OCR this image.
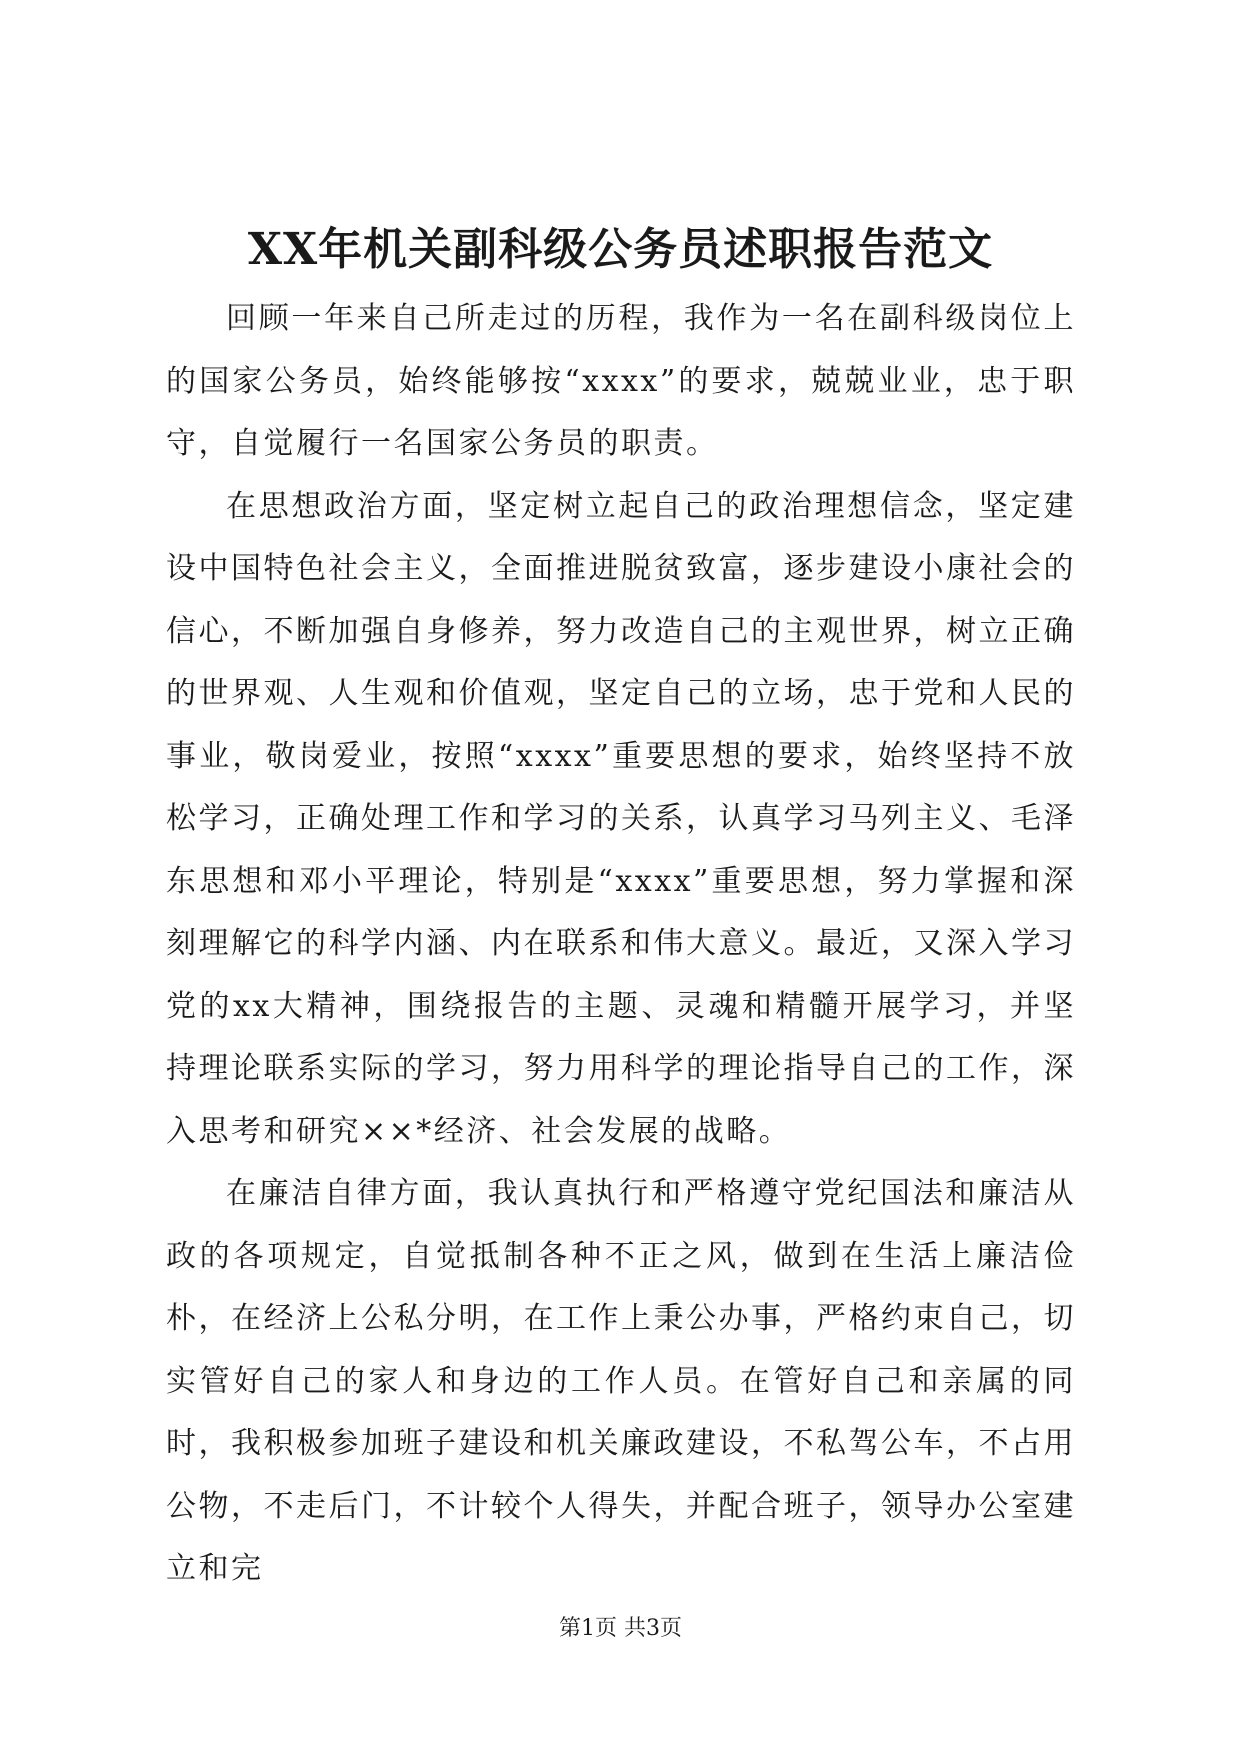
XX年机关副科级公务员述职报告范文

回顾一年来自己所走过的历程，我作为一名在副科级岗位上的国家公务员，始终能够按“xxxx”的要求，兢兢业业，忠于职守，自觉履行一名国家公务员的职责。

在思想政治方面，坚定树立起自己的政治理想信念，坚定建设中国特色社会主义，全面推进脱贫致富，逐步建设小康社会的信心，不断加强自身修养，努力改造自己的主观世界，树立正确的世界观、人生观和价值观，坚定自己的立场，忠于党和人民的事业，敬岗爱业，按照“xxxx”重要思想的要求，始终坚持不放松学习，正确处理工作和学习的关系，认真学习马列主义、毛泽东思想和邓小平理论，特别是“xxxx”重要思想，努力掌握和深刻理解它的科学内涵、内在联系和伟大意义。最近，又深入学习党的xx大精神，围绕报告的主题、灵魂和精髓开展学习，并坚持理论联系实际的学习，努力用科学的理论指导自己的工作，深入思考和研究××*经济、社会发展的战略。

在廉洁自律方面，我认真执行和严格遵守党纪国法和廉洁从政的各项规定，自觉抵制各种不正之风，做到在生活上廉洁俭朴，在经济上公私分明，在工作上秉公办事，严格约束自己，切实管好自己的家人和身边的工作人员。在管好自己和亲属的同时，我积极参加班子建设和机关廉政建设，不私驾公车，不占用公物，不走后门，不计较个人得失，并配合班子，领导办公室建立和完

第1页 共3页
